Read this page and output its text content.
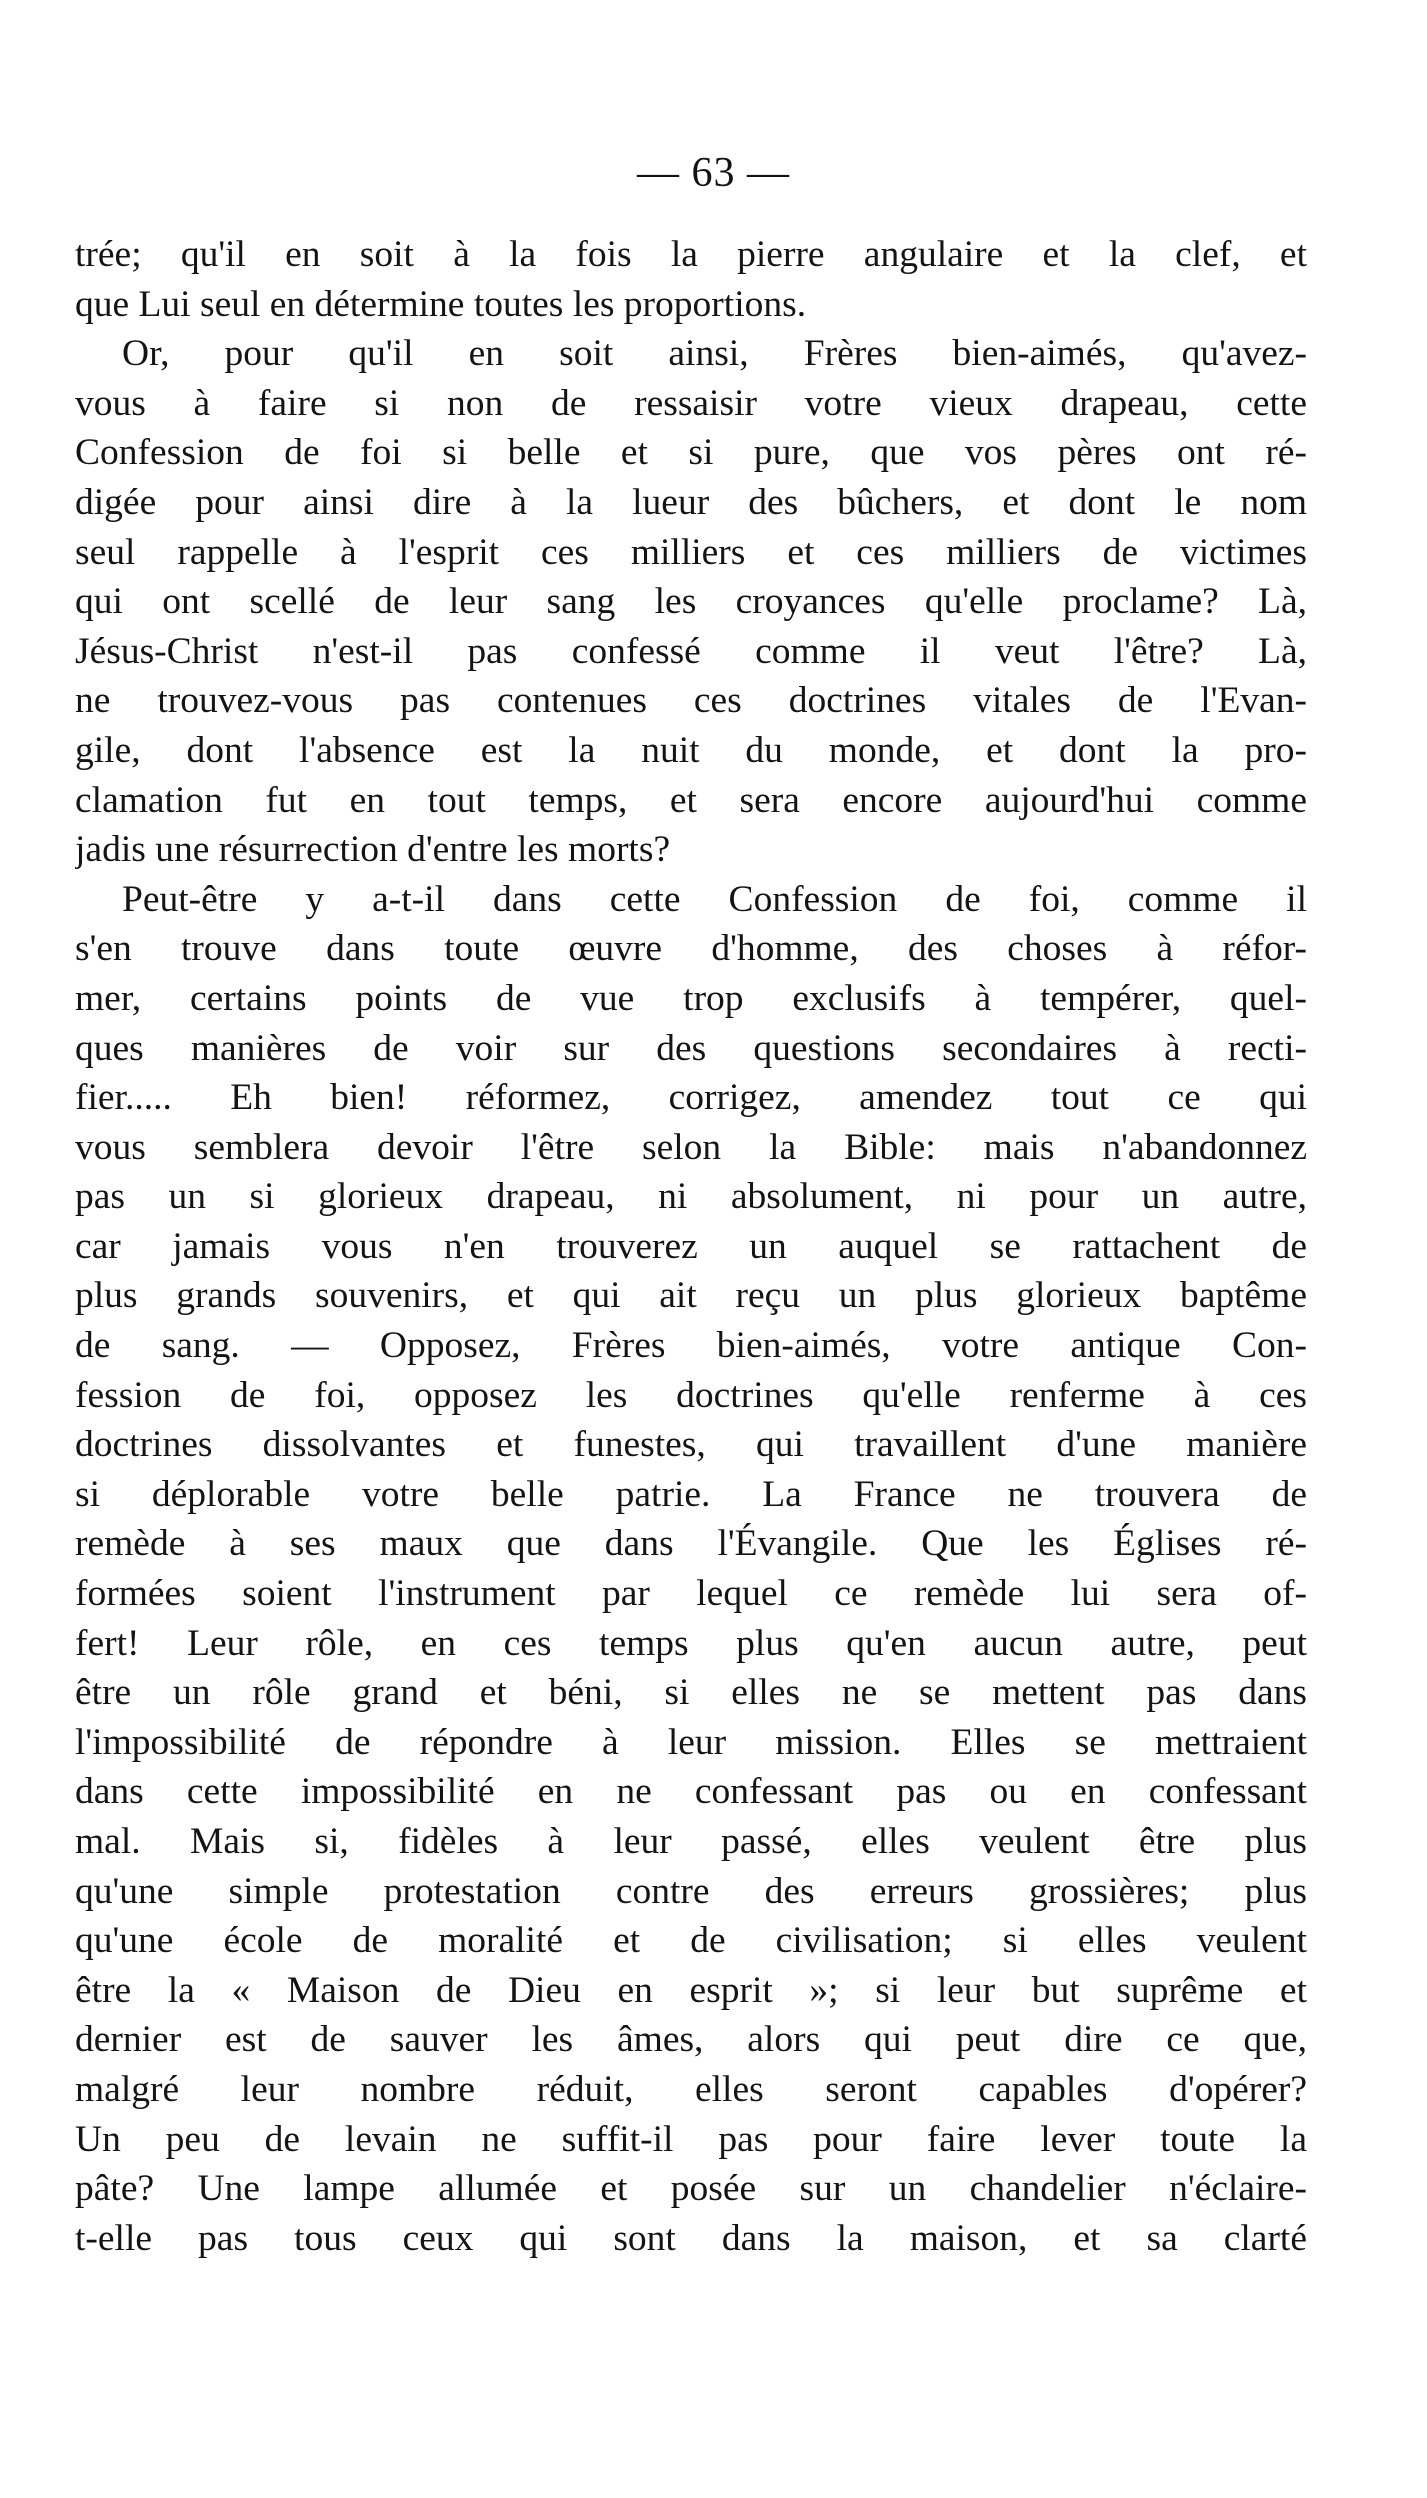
— 63 —
trée; qu'il en soit à la fois la pierre angulaire et la clef, et
que Lui seul en détermine toutes les proportions.
Or, pour qu'il en soit ainsi, Frères bien-aimés, qu'avez-
vous à faire si non de ressaisir votre vieux drapeau, cette
Confession de foi si belle et si pure, que vos pères ont ré-
digée pour ainsi dire à la lueur des bûchers, et dont le nom
seul rappelle à l'esprit ces milliers et ces milliers de victimes
qui ont scellé de leur sang les croyances qu'elle proclame? Là,
Jésus-Christ n'est-il pas confessé comme il veut l'être? Là,
ne trouvez-vous pas contenues ces doctrines vitales de l'Evan-
gile, dont l'absence est la nuit du monde, et dont la pro-
clamation fut en tout temps, et sera encore aujourd'hui comme
jadis une résurrection d'entre les morts?
Peut-être y a-t-il dans cette Confession de foi, comme il
s'en trouve dans toute œuvre d'homme, des choses à réfor-
mer, certains points de vue trop exclusifs à tempérer, quel-
ques manières de voir sur des questions secondaires à recti-
fier..... Eh bien! réformez, corrigez, amendez tout ce qui
vous semblera devoir l'être selon la Bible: mais n'abandonnez
pas un si glorieux drapeau, ni absolument, ni pour un autre,
car jamais vous n'en trouverez un auquel se rattachent de
plus grands souvenirs, et qui ait reçu un plus glorieux baptême
de sang. — Opposez, Frères bien-aimés, votre antique Con-
fession de foi, opposez les doctrines qu'elle renferme à ces
doctrines dissolvantes et funestes, qui travaillent d'une manière
si déplorable votre belle patrie. La France ne trouvera de
remède à ses maux que dans l'Évangile. Que les Églises ré-
formées soient l'instrument par lequel ce remède lui sera of-
fert! Leur rôle, en ces temps plus qu'en aucun autre, peut
être un rôle grand et béni, si elles ne se mettent pas dans
l'impossibilité de répondre à leur mission. Elles se mettraient
dans cette impossibilité en ne confessant pas ou en confessant
mal. Mais si, fidèles à leur passé, elles veulent être plus
qu'une simple protestation contre des erreurs grossières; plus
qu'une école de moralité et de civilisation; si elles veulent
être la « Maison de Dieu en esprit »; si leur but suprême et
dernier est de sauver les âmes, alors qui peut dire ce que,
malgré leur nombre réduit, elles seront capables d'opérer?
Un peu de levain ne suffit-il pas pour faire lever toute la
pâte? Une lampe allumée et posée sur un chandelier n'éclaire-
t-elle pas tous ceux qui sont dans la maison, et sa clarté
